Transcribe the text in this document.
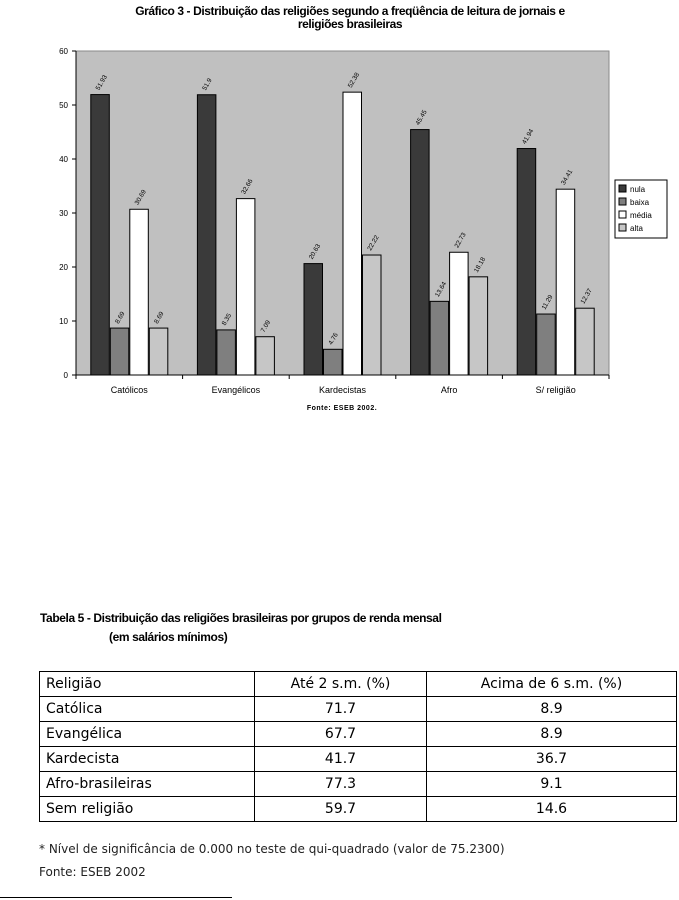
Gráfico 3 - Distribuição das religiões segundo a freqüência de leitura de jornais e
religiões brasileiras
51.93
8.69
30.69
8.69
51.9
8.35
32.66
7.09
20.63
4.76
52.38
22.22
45.45
13.64
22.73
18.18
41.94
11.29
34.41
12.37
0
10
20
30
40
50
60
Católicos	Evangélicos	Kardecistas	Afro	S/ religião
nula
baixa
média
alta
Fonte: ESEB 2002.
Tabela 5 - Distribuição das religiões brasileiras por grupos de renda mensal
(em salários mínimos)
Religião	Até 2 s.m. (%)	Acima de 6 s.m. (%)
Católica	71.7	8.9
Evangélica	67.7	8.9
Kardecista	41.7	36.7
Afro-brasileiras	77.3	9.1
Sem religião	59.7	14.6
* Nível de significância de 0.000 no teste de qui-quadrado (valor de 75.2300)
Fonte: ESEB 2002
